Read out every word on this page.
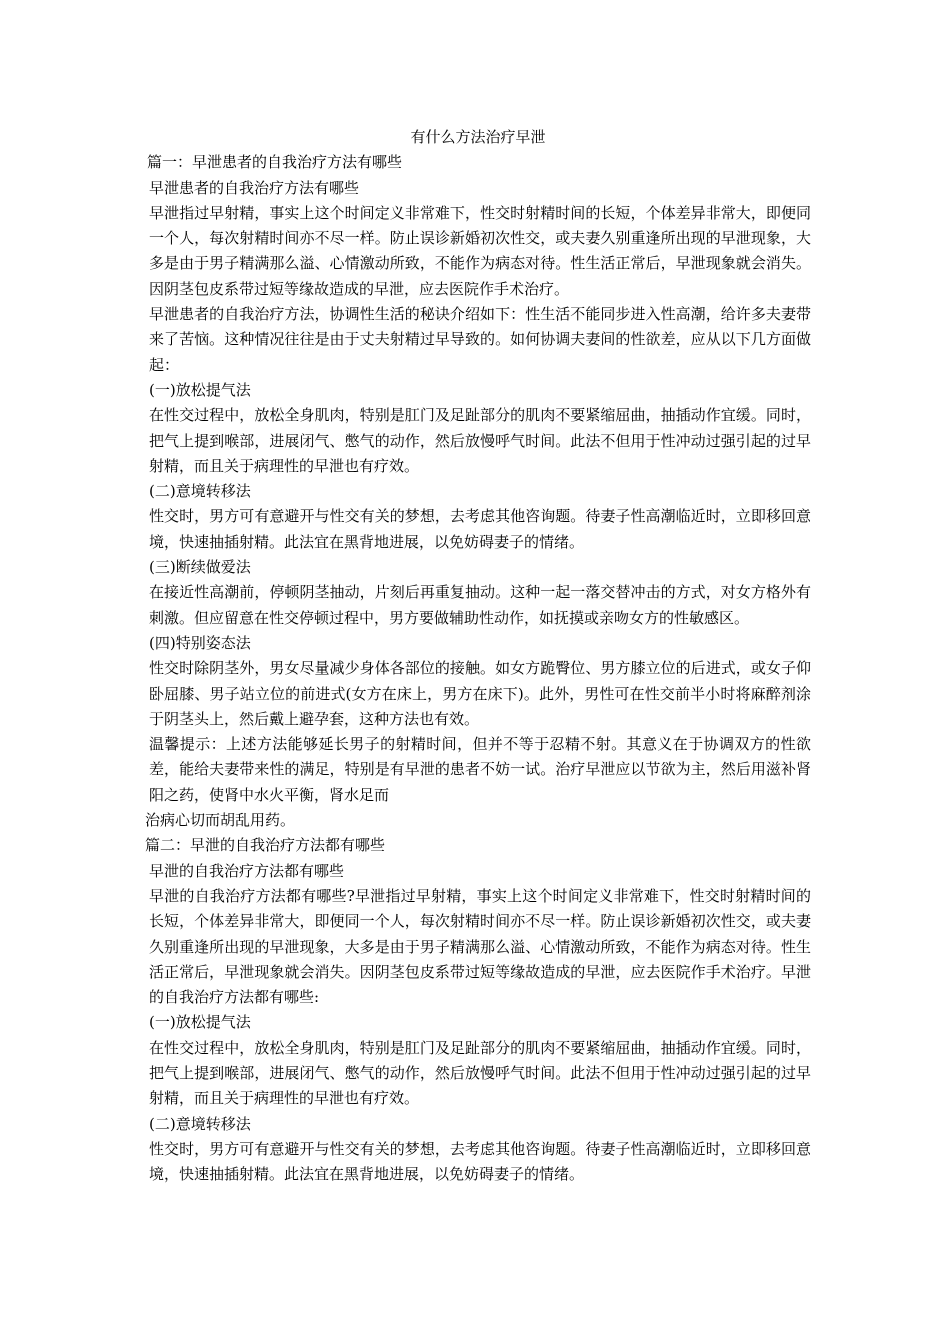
有什么方法治疗早泄

篇一：早泄患者的自我治疗方法有哪些

早泄患者的自我治疗方法有哪些

早泄指过早射精，事实上这个时间定义非常难下，性交时射精时间的长短，个体差异非常大，即便同一个人，每次射精时间亦不尽一样。防止误诊新婚初次性交，或夫妻久别重逢所出现的早泄现象，大多是由于男子精满那么溢、心情激动所致，不能作为病态对待。性生活正常后，早泄现象就会消失。因阴茎包皮系带过短等缘故造成的早泄，应去医院作手术治疗。

早泄患者的自我治疗方法，协调性生活的秘诀介绍如下：性生活不能同步进入性高潮，给许多夫妻带来了苦恼。这种情况往往是由于丈夫射精过早导致的。如何协调夫妻间的性欲差，应从以下几方面做起：

(一)放松提气法

在性交过程中，放松全身肌肉，特别是肛门及足趾部分的肌肉不要紧缩屈曲，抽插动作宜缓。同时，把气上提到喉部，进展闭气、憋气的动作，然后放慢呼气时间。此法不但用于性冲动过强引起的过早射精，而且关于病理性的早泄也有疗效。

(二)意境转移法

性交时，男方可有意避开与性交有关的梦想，去考虑其他咨询题。待妻子性高潮临近时，立即移回意境，快速抽插射精。此法宜在黑背地进展，以免妨碍妻子的情绪。

(三)断续做爱法

在接近性高潮前，停顿阴茎抽动，片刻后再重复抽动。这种一起一落交替冲击的方式，对女方格外有刺激。但应留意在性交停顿过程中，男方要做辅助性动作，如抚摸或亲吻女方的性敏感区。

(四)特别姿态法

性交时除阴茎外，男女尽量减少身体各部位的接触。如女方跪臀位、男方膝立位的后进式，或女子仰卧屈膝、男子站立位的前进式(女方在床上，男方在床下)。此外，男性可在性交前半小时将麻醉剂涂于阴茎头上，然后戴上避孕套，这种方法也有效。

温馨提示：上述方法能够延长男子的射精时间，但并不等于忍精不射。其意义在于协调双方的性欲差，能给夫妻带来性的满足，特别是有早泄的患者不妨一试。治疗早泄应以节欲为主，然后用滋补肾阳之药，使肾中水火平衡，肾水足而

治病心切而胡乱用药。

篇二：早泄的自我治疗方法都有哪些

早泄的自我治疗方法都有哪些

早泄的自我治疗方法都有哪些?早泄指过早射精，事实上这个时间定义非常难下，性交时射精时间的长短，个体差异非常大，即便同一个人，每次射精时间亦不尽一样。防止误诊新婚初次性交，或夫妻久别重逢所出现的早泄现象，大多是由于男子精满那么溢、心情激动所致，不能作为病态对待。性生活正常后，早泄现象就会消失。因阴茎包皮系带过短等缘故造成的早泄，应去医院作手术治疗。早泄的自我治疗方法都有哪些:

(一)放松提气法

在性交过程中，放松全身肌肉，特别是肛门及足趾部分的肌肉不要紧缩屈曲，抽插动作宜缓。同时，把气上提到喉部，进展闭气、憋气的动作，然后放慢呼气时间。此法不但用于性冲动过强引起的过早射精，而且关于病理性的早泄也有疗效。

(二)意境转移法

性交时，男方可有意避开与性交有关的梦想，去考虑其他咨询题。待妻子性高潮临近时，立即移回意境，快速抽插射精。此法宜在黑背地进展，以免妨碍妻子的情绪。
